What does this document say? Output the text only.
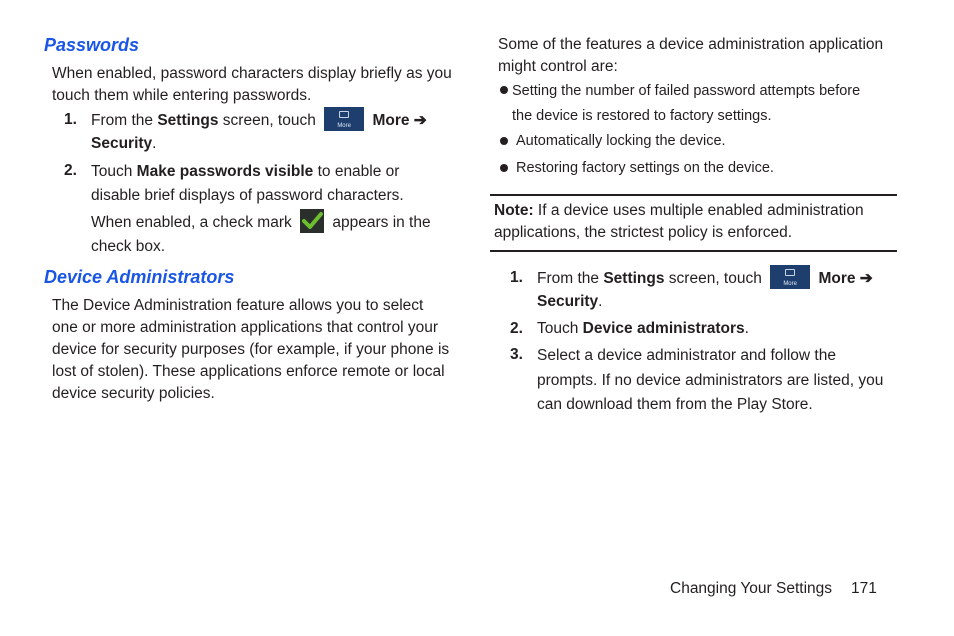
Passwords
When enabled, password characters display briefly as you touch them while entering passwords.
1. From the Settings screen, touch	More	More ➔
Security.
2. Touch Make passwords visible to enable or disable brief displays of password characters.
When enabled, a check mark  appears in the check box.
Device Administrators
The Device Administration feature allows you to select one or more administration applications that control your device for security purposes (for example, if your phone is lost of stolen). These applications enforce remote or local device security policies.
Some of the features a device administration application might control are:
Setting the number of failed password attempts before the device is restored to factory settings.
Automatically locking the device.
Restoring factory settings on the device.
Note: If a device uses multiple enabled administration applications, the strictest policy is enforced.
1. From the Settings screen, touch	More	More ➔
Security.
2. Touch Device administrators.
3. Select a device administrator and follow the prompts. If no device administrators are listed, you can download them from the Play Store.
Changing Your Settings 171
